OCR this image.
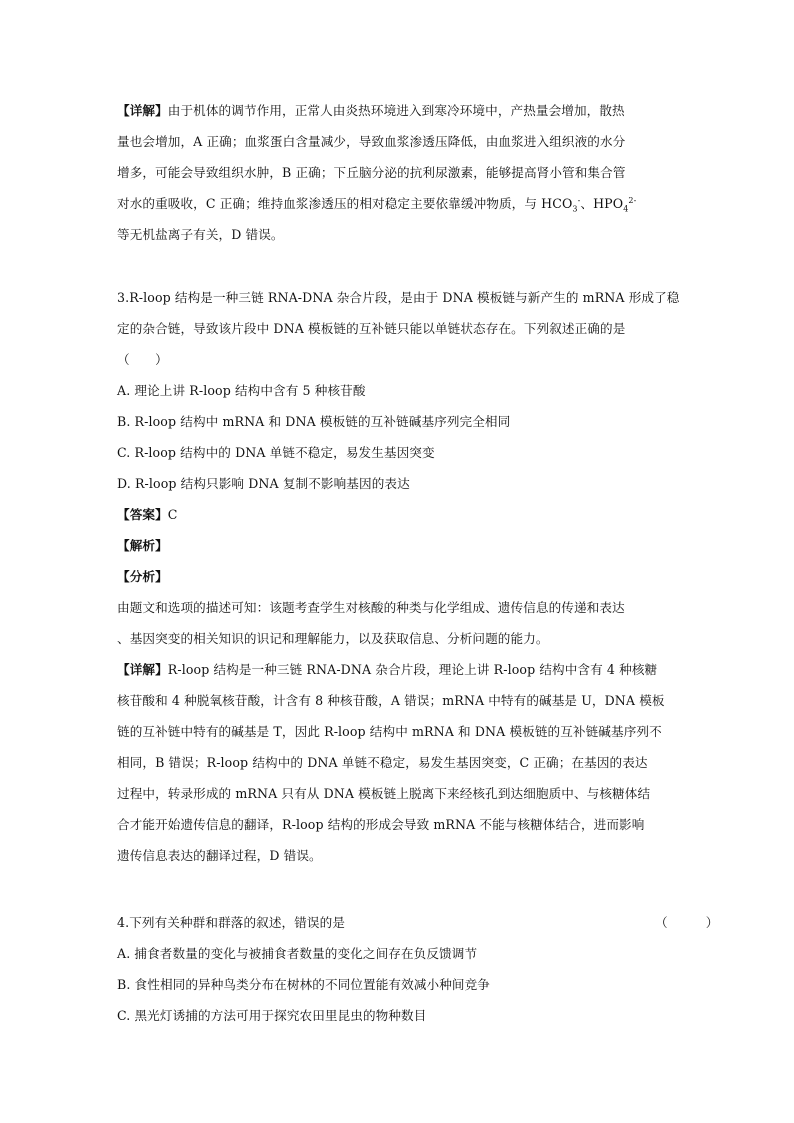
【详解】由于机体的调节作用，正常人由炎热环境进入到寒冷环境中，产热量会增加，散热
量也会增加，A 正确；血浆蛋白含量减少，导致血浆渗透压降低，由血浆进入组织液的水分
增多，可能会导致组织水肿，B 正确；下丘脑分泌的抗利尿激素，能够提高肾小管和集合管
对水的重吸收，C 正确；维持血浆渗透压的相对稳定主要依靠缓冲物质，与 $HCO_3^-$、$HPO_4^{2-}$
等无机盐离子有关，D 错误。
3.R-loop 结构是一种三链 RNA-DNA 杂合片段，是由于 DNA 模板链与新产生的 mRNA 形成了稳
定的杂合链，导致该片段中 DNA 模板链的互补链只能以单链状态存在。下列叙述正确的是
（　　）
A. 理论上讲 R-loop 结构中含有 5 种核苷酸
B. R-loop 结构中 mRNA 和 DNA 模板链的互补链碱基序列完全相同
C. R-loop 结构中的 DNA 单链不稳定，易发生基因突变
D. R-loop 结构只影响 DNA 复制不影响基因的表达
【答案】C
【解析】
【分析】
由题文和选项的描述可知：该题考查学生对核酸的种类与化学组成、遗传信息的传递和表达
、基因突变的相关知识的识记和理解能力，以及获取信息、分析问题的能力。
【详解】R-loop 结构是一种三链 RNA-DNA 杂合片段，理论上讲 R-loop 结构中含有 4 种核糖
核苷酸和 4 种脱氧核苷酸，计含有 8 种核苷酸，A 错误；mRNA 中特有的碱基是 U，DNA 模板
链的互补链中特有的碱基是 T，因此 R-loop 结构中 mRNA 和 DNA 模板链的互补链碱基序列不
相同，B 错误；R-loop 结构中的 DNA 单链不稳定，易发生基因突变，C 正确；在基因的表达
过程中，转录形成的 mRNA 只有从 DNA 模板链上脱离下来经核孔到达细胞质中、与核糖体结
合才能开始遗传信息的翻译，R-loop 结构的形成会导致 mRNA 不能与核糖体结合，进而影响
遗传信息表达的翻译过程，D 错误。
4.下列有关种群和群落的叙述，错误的是	（　　　）
A. 捕食者数量的变化与被捕食者数量的变化之间存在负反馈调节
B. 食性相同的异种鸟类分布在树林的不同位置能有效减小种间竞争
C. 黑光灯诱捕的方法可用于探究农田里昆虫的物种数目
